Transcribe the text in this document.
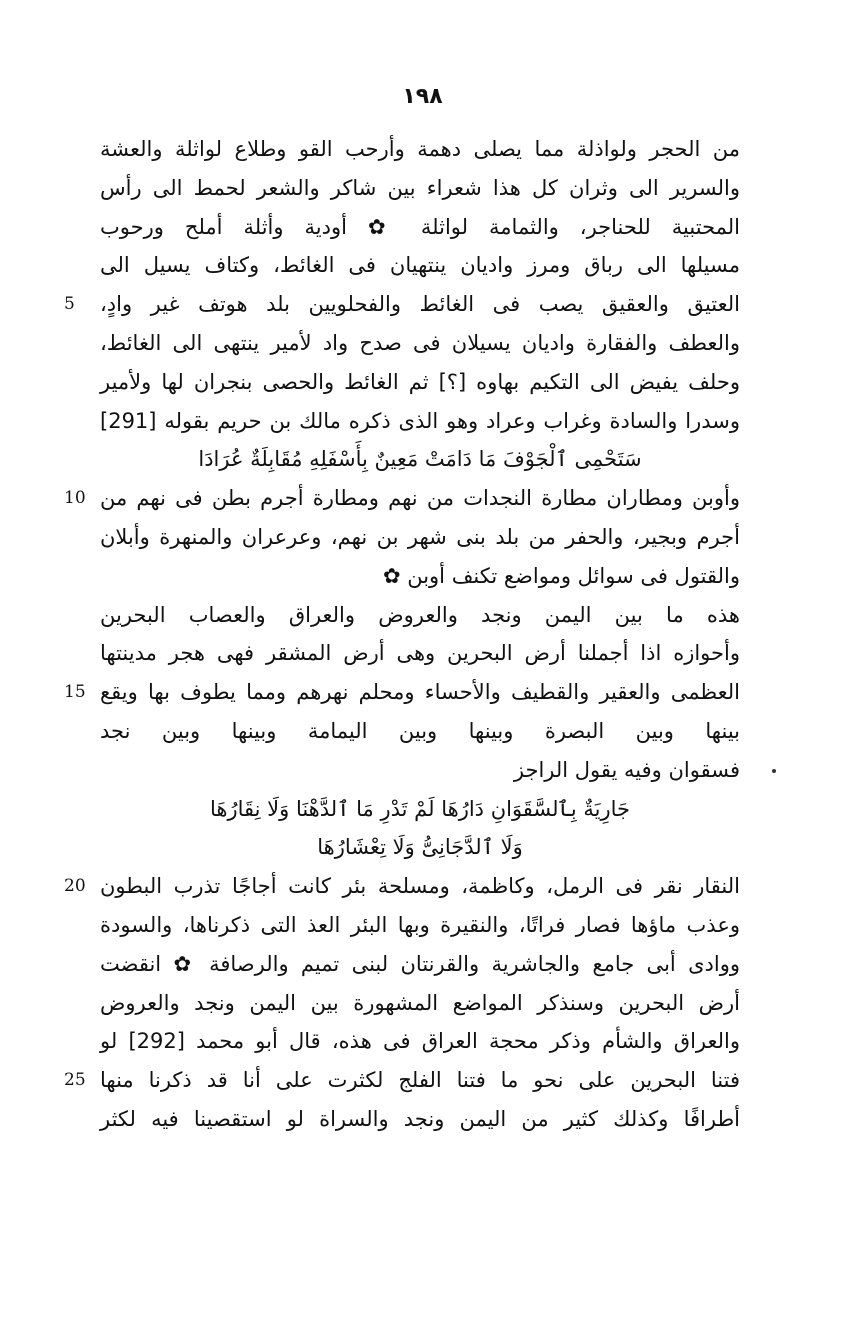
١٩٨
من الحجر ولواذلة مما يصلى دهمة وأرحب القو وطلاع لواثلة والعشة
والسرير الى وثران كل هذا شعراء بين شاكر والشعر لحمط الى رأس
المحتبية للحناجر، والثمامة لواثلة ✿ أودية وأثلة أملح ورحوب
مسيلها الى رباق ومرز واديان ينتهيان فى الغائط، وكتاف يسيل الى
العتيق والعقيق يصب فى الغائط والفحلويين بلد هوتف غير وادٍ،
5
والعطف والفقارة واديان يسيلان فى صدح واد لأمير ينتهى الى الغائط،
وحلف يفيض الى التكيم بهاوه [؟] ثم الغائط والحصى بنجران لها ولأمير
وسدرا والسادة وغراب وعراد وهو الذى ذكره مالك بن حريم بقوله [291]
سَتَحْمِى ٱلْجَوْفَ مَا دَامَتْ مَعِينٌ بِأَسْفَلِهِ مُقَابِلَةٌ عُرَادَا
وأوبن ومطاران مطارة النجدات من نهم ومطارة أجرم بطن فى نهم من
10
أجرم وبجير، والحفر من بلد بنى شهر بن نهم، وعرعران والمنهرة وأبلان
والقتول فى سوائل ومواضع تكنف أوبن ✿
هذه ما بين اليمن ونجد والعروض والعراق والعصاب البحرين
وأحوازه اذا أجملنا أرض البحرين وهى أرض المشقر فهى هجر مدينتها
العظمى والعقير والقطيف والأحساء ومحلم نهرهم ومما يطوف بها ويقع
15
بينها وبين البصرة وبينها وبين اليمامة وبينها وبين نجد
فسقوان وفيه يقول الراجز
جَارِيَةٌ بِٱلسَّقَوَانِ دَارُهَا لَمْ تَدْرِ مَا ٱلدَّهْنَا وَلَا نِقَارُهَا
وَلَا ٱلدَّجَانِىُّ وَلَا تِعْشَارُهَا
النقار نقر فى الرمل، وكاظمة، ومسلحة بئر كانت أجاجًا تذرب البطون
20
وعذب ماؤها فصار فراتًا، والنقيرة وبها البئر العذ التى ذكرناها، والسودة
ووادى أبى جامع والجاشرية والقرنتان لبنى تميم والرصافة ✿ انقضت
أرض البحرين وسنذكر المواضع المشهورة بين اليمن ونجد والعروض
والعراق والشأم وذكر محجة العراق فى هذه، قال أبو محمد [292] لو
فتنا البحرين على نحو ما فتنا الفلج لكثرت على أنا قد ذكرنا منها
25
أطرافًا وكذلك كثير من اليمن ونجد والسراة لو استقصينا فيه لكثر
